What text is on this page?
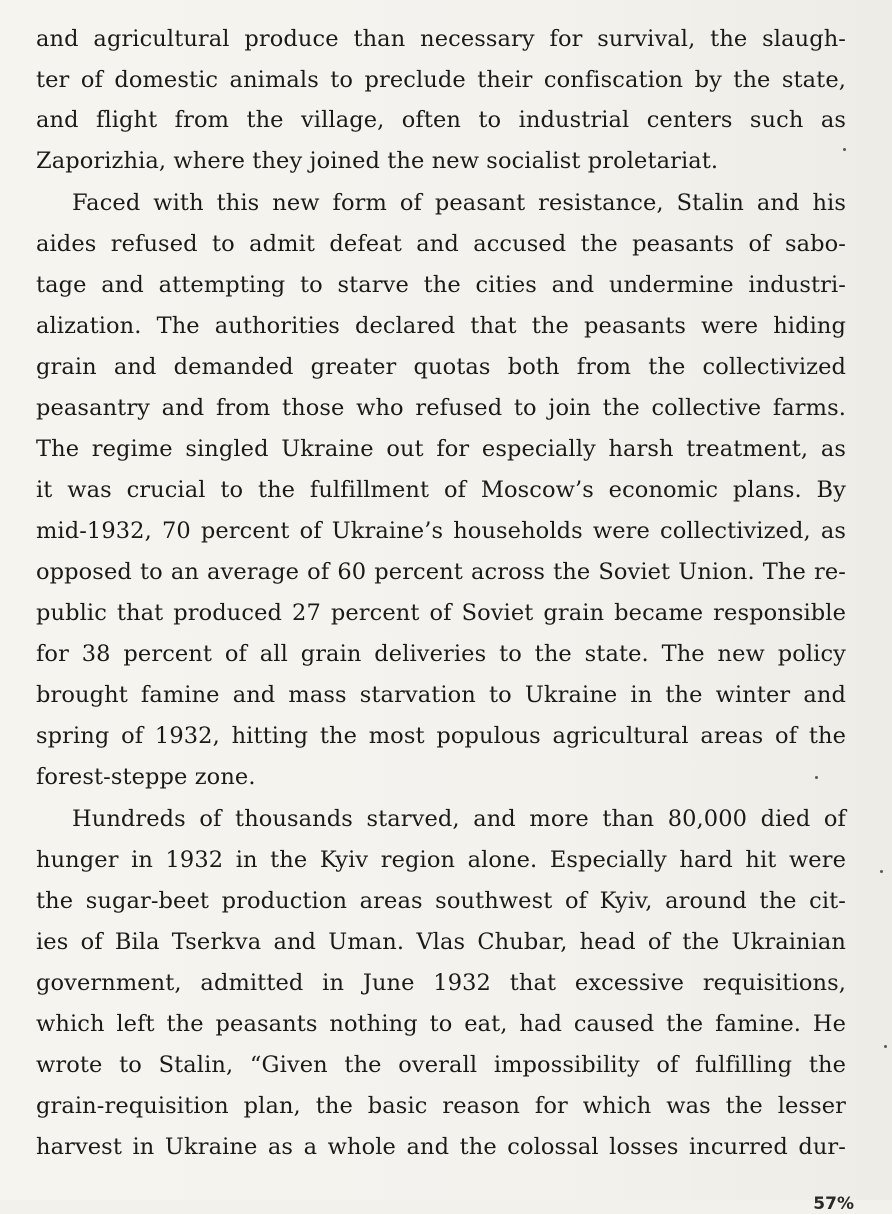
and agricultural produce than necessary for survival, the slaugh-
ter of domestic animals to preclude their confiscation by the state,
and flight from the village, often to industrial centers such as
Zaporizhia, where they joined the new socialist proletariat.
Faced with this new form of peasant resistance, Stalin and his
aides refused to admit defeat and accused the peasants of sabo-
tage and attempting to starve the cities and undermine industri-
alization. The authorities declared that the peasants were hiding
grain and demanded greater quotas both from the collectivized
peasantry and from those who refused to join the collective farms.
The regime singled Ukraine out for especially harsh treatment, as
it was crucial to the fulfillment of Moscow’s economic plans. By
mid-1932, 70 percent of Ukraine’s households were collectivized, as
opposed to an average of 60 percent across the Soviet Union. The re-
public that produced 27 percent of Soviet grain became responsible
for 38 percent of all grain deliveries to the state. The new policy
brought famine and mass starvation to Ukraine in the winter and
spring of 1932, hitting the most populous agricultural areas of the
forest-steppe zone.
Hundreds of thousands starved, and more than 80,000 died of
hunger in 1932 in the Kyiv region alone. Especially hard hit were
the sugar-beet production areas southwest of Kyiv, around the cit-
ies of Bila Tserkva and Uman. Vlas Chubar, head of the Ukrainian
government, admitted in June 1932 that excessive requisitions,
which left the peasants nothing to eat, had caused the famine. He
wrote to Stalin, “Given the overall impossibility of fulfilling the
grain-requisition plan, the basic reason for which was the lesser
harvest in Ukraine as a whole and the colossal losses incurred dur-
57%
